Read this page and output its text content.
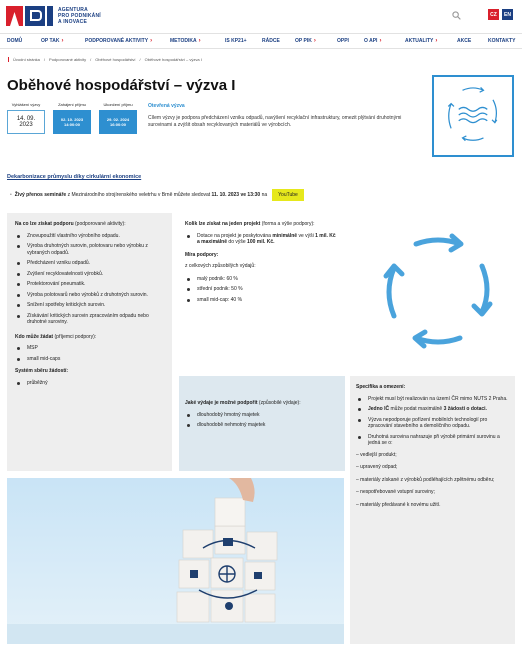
AGENTURA
PRO PODNIKÁNÍ
A INOVACE
CZ	EN
DOMŮ	OP TAK ›	PODPOROVANÉ AKTIVITY ›	METODIKA ›	IS KP21+	RÁDCE	OP PIK ›	OPPI	O API ›	AKTUALITY ›	AKCE	KONTAKTY
Úvodní stránka / Podporované aktivity / Oběhové hospodářství / Oběhové hospodářství – výzva I
Oběhové hospodářství – výzva I
Vyhlášení výzvy
14. 09.
2023
Zahájení příjmu
02. 10. 2023
14:00:00
Ukončení příjmu
29. 02. 2024
16:00:00
Otevřená výzva
Cílem výzvy je podpora předcházení vzniku odpadů, navýšení recyklační infrastruktury, omezit plýtvání druhotnými surovinami a zvýšit obsah recyklovaných materiálů ve výrobcích.
Dekarbonizace průmyslu díky cirkulární ekonomice
• Živý přenos semináře z Mezinárodního strojírenského veletrhu v Brně můžete sledovat 11. 10. 2023 ve 13:30 na	YouTube
Na co lze získat podporu (podporované aktivity):
Znovupoužití vlastního výrobního odpadu.
Výroba druhotných surovin, polotovaru nebo výrobku z vybraných odpadů.
Předcházení vzniku odpadů.
Zvýšení recyklovatelnosti výrobků.
Protektorování pneumatik.
Výroba polotovarů nebo výrobků z druhotných surovin.
Snížení spotřeby kritických surovin.
Získávání kritických surovin zpracováním odpadu nebo druhotné suroviny.
Kdo může žádat (příjemci podpory):
MSP
small mid-caps
Systém sběru žádostí:
průběžný
Kolik lze získat na jeden projekt (forma a výše podpory):
Dotace na projekt je poskytována minimálně ve výši 1 mil. Kč a maximálně do výše 100 mil. Kč.
Míra podpory:
z celkových způsobilých výdajů:
malý podnik: 60 %
střední podnik: 50 %
small mid-cap: 40 %
Jaké výdaje je možné podpořit (způsobilé výdaje):
dlouhodobý hmotný majetek
dlouhodobě nehmotný majetek
Specifika a omezení:
Projekt musí být realizován na území ČR mimo NUTS 2 Praha.
Jedno IČ může podat maximálně 3 žádosti o dotaci.
Výzva nepodporuje pořízení mobilních technologií pro zpracování stavebního a demoličního odpadu.
Druhotná surovina nahrazuje při výrobě primární surovinu a jedná se o:
– vedlejší produkt;
– upravený odpad;
– materiály získané z výrobků podléhajících zpětnému odběru;
– nespotřebované vstupní suroviny;
– materiály předávané k novému užití.
